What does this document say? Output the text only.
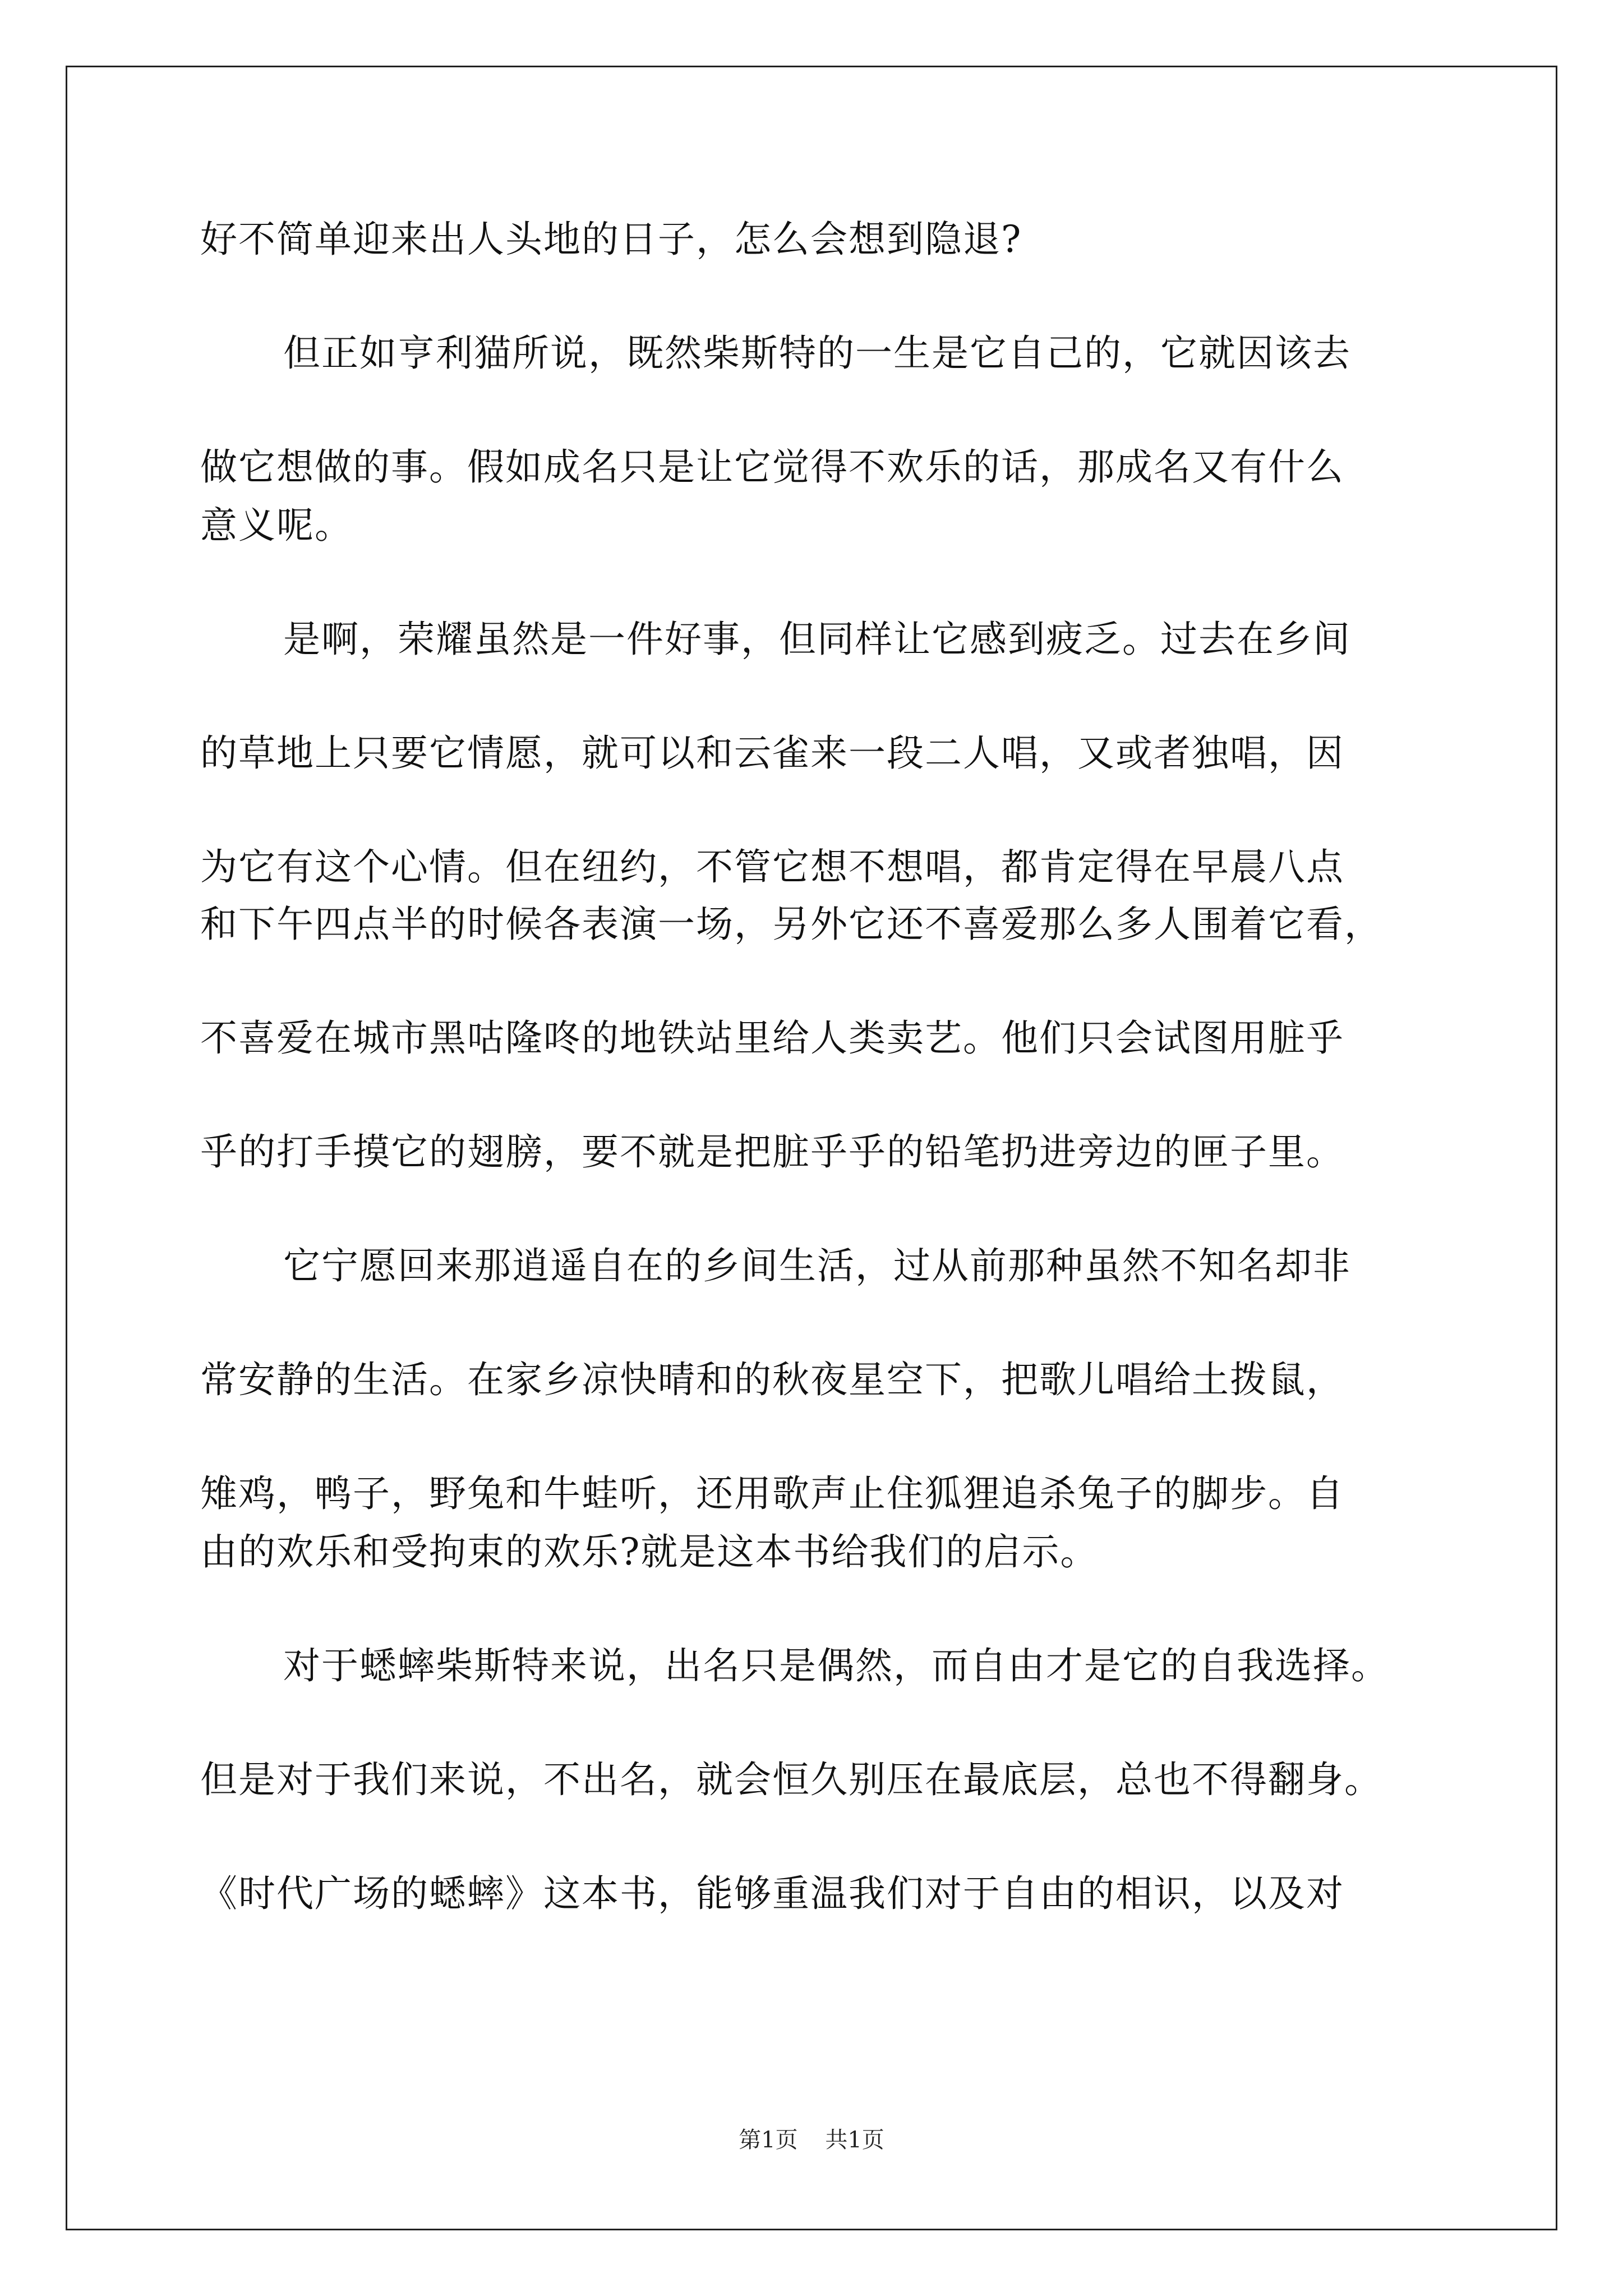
好不简单迎来出人头地的日子，怎么会想到隐退?
但正如亨利猫所说，既然柴斯特的一生是它自己的，它就因该去
做它想做的事。假如成名只是让它觉得不欢乐的话，那成名又有什么
意义呢。
是啊，荣耀虽然是一件好事，但同样让它感到疲乏。过去在乡间
的草地上只要它情愿，就可以和云雀来一段二人唱，又或者独唱，因
为它有这个心情。但在纽约，不管它想不想唱，都肯定得在早晨八点
和下午四点半的时候各表演一场，另外它还不喜爱那么多人围着它看，
不喜爱在城市黑咕隆咚的地铁站里给人类卖艺。他们只会试图用脏乎
乎的打手摸它的翅膀，要不就是把脏乎乎的铅笔扔进旁边的匣子里。
它宁愿回来那逍遥自在的乡间生活，过从前那种虽然不知名却非
常安静的生活。在家乡凉快晴和的秋夜星空下，把歌儿唱给土拨鼠，
雉鸡，鸭子，野兔和牛蛙听，还用歌声止住狐狸追杀兔子的脚步。自
由的欢乐和受拘束的欢乐?就是这本书给我们的启示。
对于蟋蟀柴斯特来说，出名只是偶然，而自由才是它的自我选择。
但是对于我们来说，不出名，就会恒久别压在最底层，总也不得翻身。
《时代广场的蟋蟀》这本书，能够重温我们对于自由的相识，以及对
第1页 共1页
